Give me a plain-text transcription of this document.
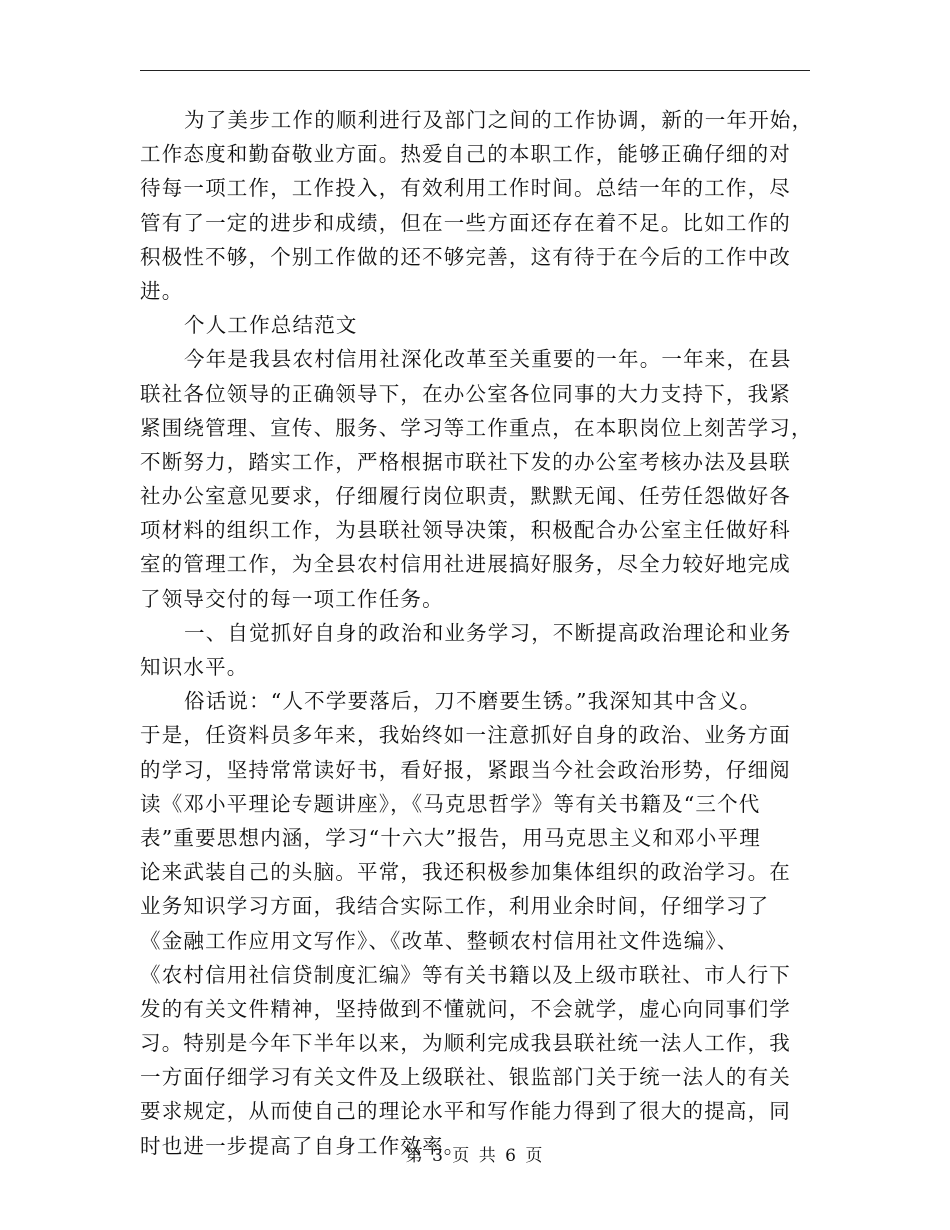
为了美步工作的顺利进行及部门之间的工作协调，新的一年开始，
工作态度和勤奋敬业方面。热爱自己的本职工作，能够正确仔细的对
待每一项工作，工作投入，有效利用工作时间。总结一年的工作，尽
管有了一定的进步和成绩，但在一些方面还存在着不足。比如工作的
积极性不够，个别工作做的还不够完善，这有待于在今后的工作中改
进。
个人工作总结范文
今年是我县农村信用社深化改革至关重要的一年。一年来，在县
联社各位领导的正确领导下，在办公室各位同事的大力支持下，我紧
紧围绕管理、宣传、服务、学习等工作重点，在本职岗位上刻苦学习，
不断努力，踏实工作，严格根据市联社下发的办公室考核办法及县联
社办公室意见要求，仔细履行岗位职责，默默无闻、任劳任怨做好各
项材料的组织工作，为县联社领导决策，积极配合办公室主任做好科
室的管理工作，为全县农村信用社进展搞好服务，尽全力较好地完成
了领导交付的每一项工作任务。
一、自觉抓好自身的政治和业务学习，不断提高政治理论和业务
知识水平。
俗话说：“人不学要落后，刀不磨要生锈。”我深知其中含义。
于是，任资料员多年来，我始终如一注意抓好自身的政治、业务方面
的学习，坚持常常读好书，看好报，紧跟当今社会政治形势，仔细阅
读《邓小平理论专题讲座》，《马克思哲学》等有关书籍及“三个代
表”重要思想内涵，学习“十六大”报告，用马克思主义和邓小平理
论来武装自己的头脑。平常，我还积极参加集体组织的政治学习。在
业务知识学习方面，我结合实际工作，利用业余时间，仔细学习了
《金融工作应用文写作》、《改革、整顿农村信用社文件选编》、
《农村信用社信贷制度汇编》等有关书籍以及上级市联社、市人行下
发的有关文件精神，坚持做到不懂就问，不会就学，虚心向同事们学
习。特别是今年下半年以来，为顺利完成我县联社统一法人工作，我
一方面仔细学习有关文件及上级联社、银监部门关于统一法人的有关
要求规定，从而使自己的理论水平和写作能力得到了很大的提高，同
时也进一步提高了自身工作效率。
第 3 页 共 6 页
